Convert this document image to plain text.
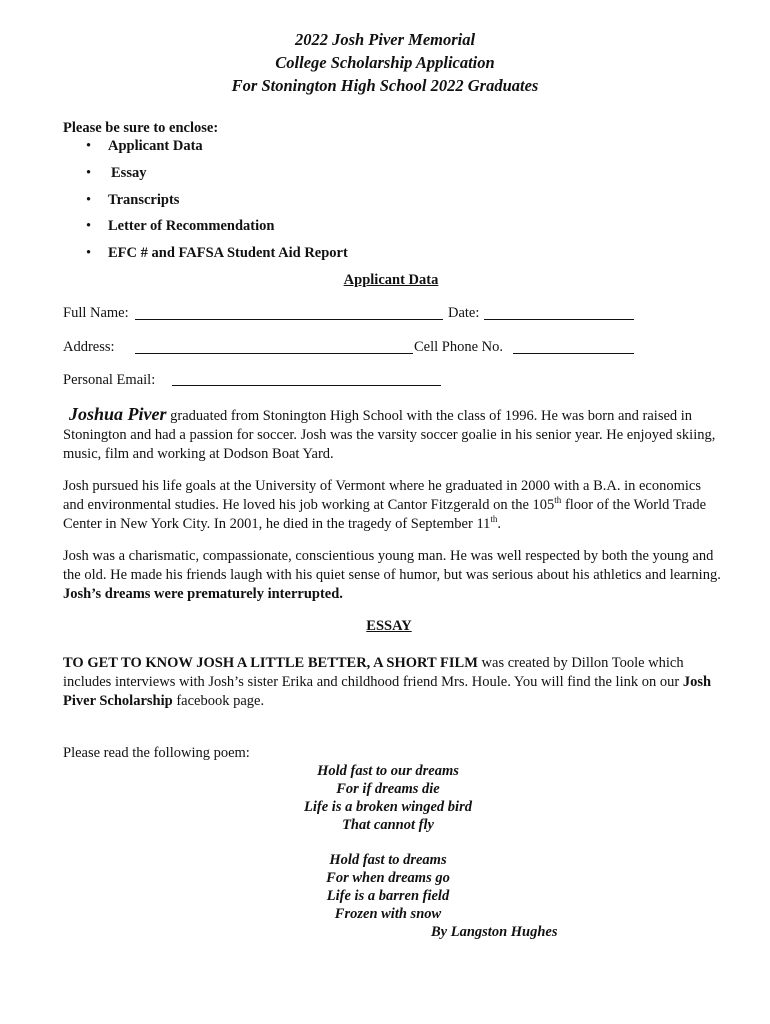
2022 Josh Piver Memorial
College Scholarship Application
For Stonington High School 2022 Graduates
Please be sure to enclose:
• Applicant Data
• Essay
• Transcripts
• Letter of Recommendation
• EFC # and FAFSA Student Aid Report
Applicant Data
Full Name:	Date:
Address:	Cell Phone No.
Personal Email:
Joshua Piver graduated from Stonington High School with the class of 1996. He was born and raised in Stonington and had a passion for soccer. Josh was the varsity soccer goalie in his senior year. He enjoyed skiing, music, film and working at Dodson Boat Yard.
Josh pursued his life goals at the University of Vermont where he graduated in 2000 with a B.A. in economics and environmental studies. He loved his job working at Cantor Fitzgerald on the 105th floor of the World Trade Center in New York City. In 2001, he died in the tragedy of September 11th.
Josh was a charismatic, compassionate, conscientious young man. He was well respected by both the young and the old. He made his friends laugh with his quiet sense of humor, but was serious about his athletics and learning. Josh’s dreams were prematurely interrupted.
ESSAY
TO GET TO KNOW JOSH A LITTLE BETTER, A SHORT FILM was created by Dillon Toole which includes interviews with Josh’s sister Erika and childhood friend Mrs. Houle. You will find the link on our Josh Piver Scholarship facebook page.
Please read the following poem:
Hold fast to our dreams
For if dreams die
Life is a broken winged bird
That cannot fly
Hold fast to dreams
For when dreams go
Life is a barren field
Frozen with snow
By Langston Hughes
